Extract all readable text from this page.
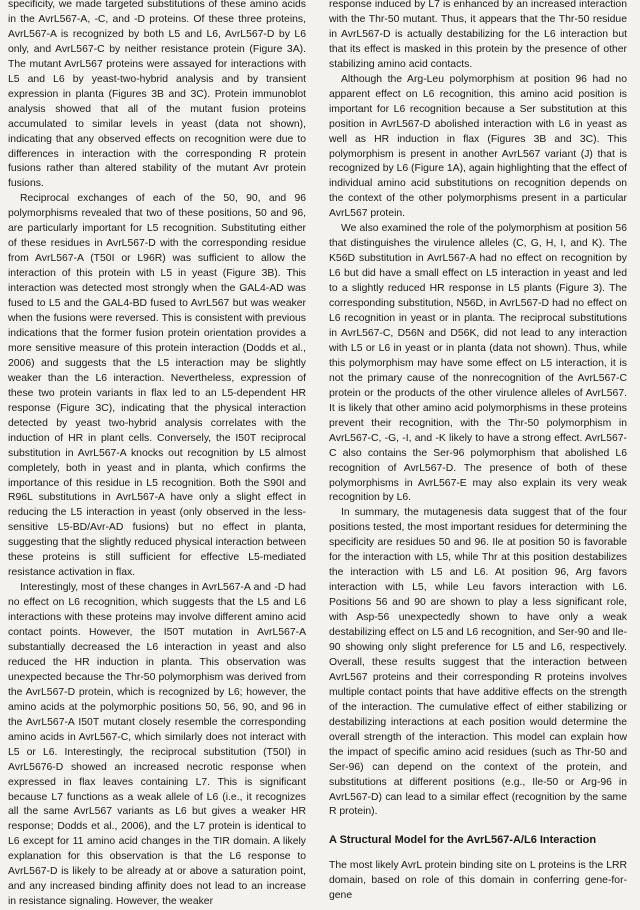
specificity, we made targeted substitutions of these amino acids in the AvrL567-A, -C, and -D proteins. Of these three proteins, AvrL567-A is recognized by both L5 and L6, AvrL567-D by L6 only, and AvrL567-C by neither resistance protein (Figure 3A). The mutant AvrL567 proteins were assayed for interactions with L5 and L6 by yeast-two-hybrid analysis and by transient expression in planta (Figures 3B and 3C). Protein immunoblot analysis showed that all of the mutant fusion proteins accumulated to similar levels in yeast (data not shown), indicating that any observed effects on recognition were due to differences in interaction with the corresponding R protein fusions rather than altered stability of the mutant Avr protein fusions.

Reciprocal exchanges of each of the 50, 90, and 96 polymorphisms revealed that two of these positions, 50 and 96, are particularly important for L5 recognition. Substituting either of these residues in AvrL567-D with the corresponding residue from AvrL567-A (T50I or L96R) was sufficient to allow the interaction of this protein with L5 in yeast (Figure 3B). This interaction was detected most strongly when the GAL4-AD was fused to L5 and the GAL4-BD fused to AvrL567 but was weaker when the fusions were reversed. This is consistent with previous indications that the former fusion protein orientation provides a more sensitive measure of this protein interaction (Dodds et al., 2006) and suggests that the L5 interaction may be slightly weaker than the L6 interaction. Nevertheless, expression of these two protein variants in flax led to an L5-dependent HR response (Figure 3C), indicating that the physical interaction detected by yeast two-hybrid analysis correlates with the induction of HR in plant cells. Conversely, the I50T reciprocal substitution in AvrL567-A knocks out recognition by L5 almost completely, both in yeast and in planta, which confirms the importance of this residue in L5 recognition. Both the S90I and R96L substitutions in AvrL567-A have only a slight effect in reducing the L5 interaction in yeast (only observed in the less-sensitive L5-BD/Avr-AD fusions) but no effect in planta, suggesting that the slightly reduced physical interaction between these proteins is still sufficient for effective L5-mediated resistance activation in flax.

Interestingly, most of these changes in AvrL567-A and -D had no effect on L6 recognition, which suggests that the L5 and L6 interactions with these proteins may involve different amino acid contact points. However, the I50T mutation in AvrL567-A substantially decreased the L6 interaction in yeast and also reduced the HR induction in planta. This observation was unexpected because the Thr-50 polymorphism was derived from the AvrL567-D protein, which is recognized by L6; however, the amino acids at the polymorphic positions 50, 56, 90, and 96 in the AvrL567-A I50T mutant closely resemble the corresponding amino acids in AvrL567-C, which similarly does not interact with L5 or L6. Interestingly, the reciprocal substitution (T50I) in AvrL5676-D showed an increased necrotic response when expressed in flax leaves containing L7. This is significant because L7 functions as a weak allele of L6 (i.e., it recognizes all the same AvrL567 variants as L6 but gives a weaker HR response; Dodds et al., 2006), and the L7 protein is identical to L6 except for 11 amino acid changes in the TIR domain. A likely explanation for this observation is that the L6 response to AvrL567-D is likely to be already at or above a saturation point, and any increased binding affinity does not lead to an increase in resistance signaling. However, the weaker

response induced by L7 is enhanced by an increased interaction with the Thr-50 mutant. Thus, it appears that the Thr-50 residue in AvrL567-D is actually destabilizing for the L6 interaction but that its effect is masked in this protein by the presence of other stabilizing amino acid contacts.

Although the Arg-Leu polymorphism at position 96 had no apparent effect on L6 recognition, this amino acid position is important for L6 recognition because a Ser substitution at this position in AvrL567-D abolished interaction with L6 in yeast as well as HR induction in flax (Figures 3B and 3C). This polymorphism is present in another AvrL567 variant (J) that is recognized by L6 (Figure 1A), again highlighting that the effect of individual amino acid substitutions on recognition depends on the context of the other polymorphisms present in a particular AvrL567 protein.

We also examined the role of the polymorphism at position 56 that distinguishes the virulence alleles (C, G, H, I, and K). The K56D substitution in AvrL567-A had no effect on recognition by L6 but did have a small effect on L5 interaction in yeast and led to a slightly reduced HR response in L5 plants (Figure 3). The corresponding substitution, N56D, in AvrL567-D had no effect on L6 recognition in yeast or in planta. The reciprocal substitutions in AvrL567-C, D56N and D56K, did not lead to any interaction with L5 or L6 in yeast or in planta (data not shown). Thus, while this polymorphism may have some effect on L5 interaction, it is not the primary cause of the nonrecognition of the AvrL567-C protein or the products of the other virulence alleles of AvrL567. It is likely that other amino acid polymorphisms in these proteins prevent their recognition, with the Thr-50 polymorphism in AvrL567-C, -G, -I, and -K likely to have a strong effect. AvrL567-C also contains the Ser-96 polymorphism that abolished L6 recognition of AvrL567-D. The presence of both of these polymorphisms in AvrL567-E may also explain its very weak recognition by L6.

In summary, the mutagenesis data suggest that of the four positions tested, the most important residues for determining the specificity are residues 50 and 96. Ile at position 50 is favorable for the interaction with L5, while Thr at this position destabilizes the interaction with L5 and L6. At position 96, Arg favors interaction with L5, while Leu favors interaction with L6. Positions 56 and 90 are shown to play a less significant role, with Asp-56 unexpectedly shown to have only a weak destabilizing effect on L5 and L6 recognition, and Ser-90 and Ile-90 showing only slight preference for L5 and L6, respectively. Overall, these results suggest that the interaction between AvrL567 proteins and their corresponding R proteins involves multiple contact points that have additive effects on the strength of the interaction. The cumulative effect of either stabilizing or destabilizing interactions at each position would determine the overall strength of the interaction. This model can explain how the impact of specific amino acid residues (such as Thr-50 and Ser-96) can depend on the context of the protein, and substitutions at different positions (e.g., Ile-50 or Arg-96 in AvrL567-D) can lead to a similar effect (recognition by the same R protein).

A Structural Model for the AvrL567-A/L6 Interaction

The most likely AvrL protein binding site on L proteins is the LRR domain, based on role of this domain in conferring gene-for-gene
